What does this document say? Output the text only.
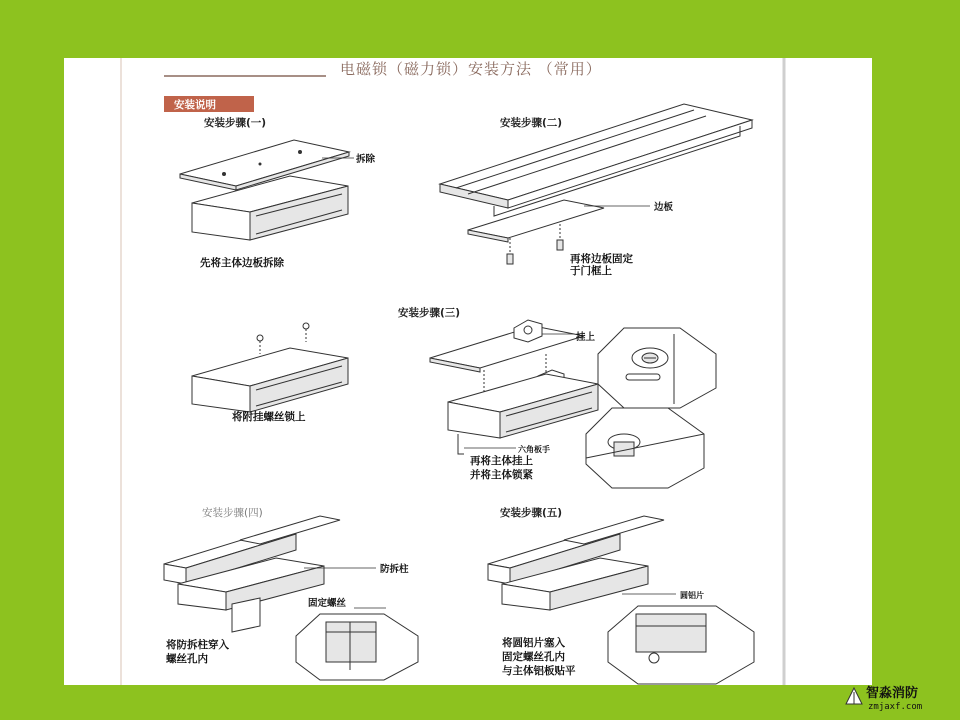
电磁锁（磁力锁）安装方法 （常用）
安装说明
安装步骤(一)
拆除
先将主体边板拆除
安装步骤(二)
边板
再将边板固定
于门框上
安装步骤(三)
将附挂螺丝锁上
挂上
六角板手
再将主体挂上
并将主体锁紧
安装步骤(四)
防拆柱
固定螺丝
将防拆柱穿入
螺丝孔内
安装步骤(五)
圆铝片
将圆铝片塞入
固定螺丝孔内
与主体铝板贴平
智淼消防
zmjaxf.com
